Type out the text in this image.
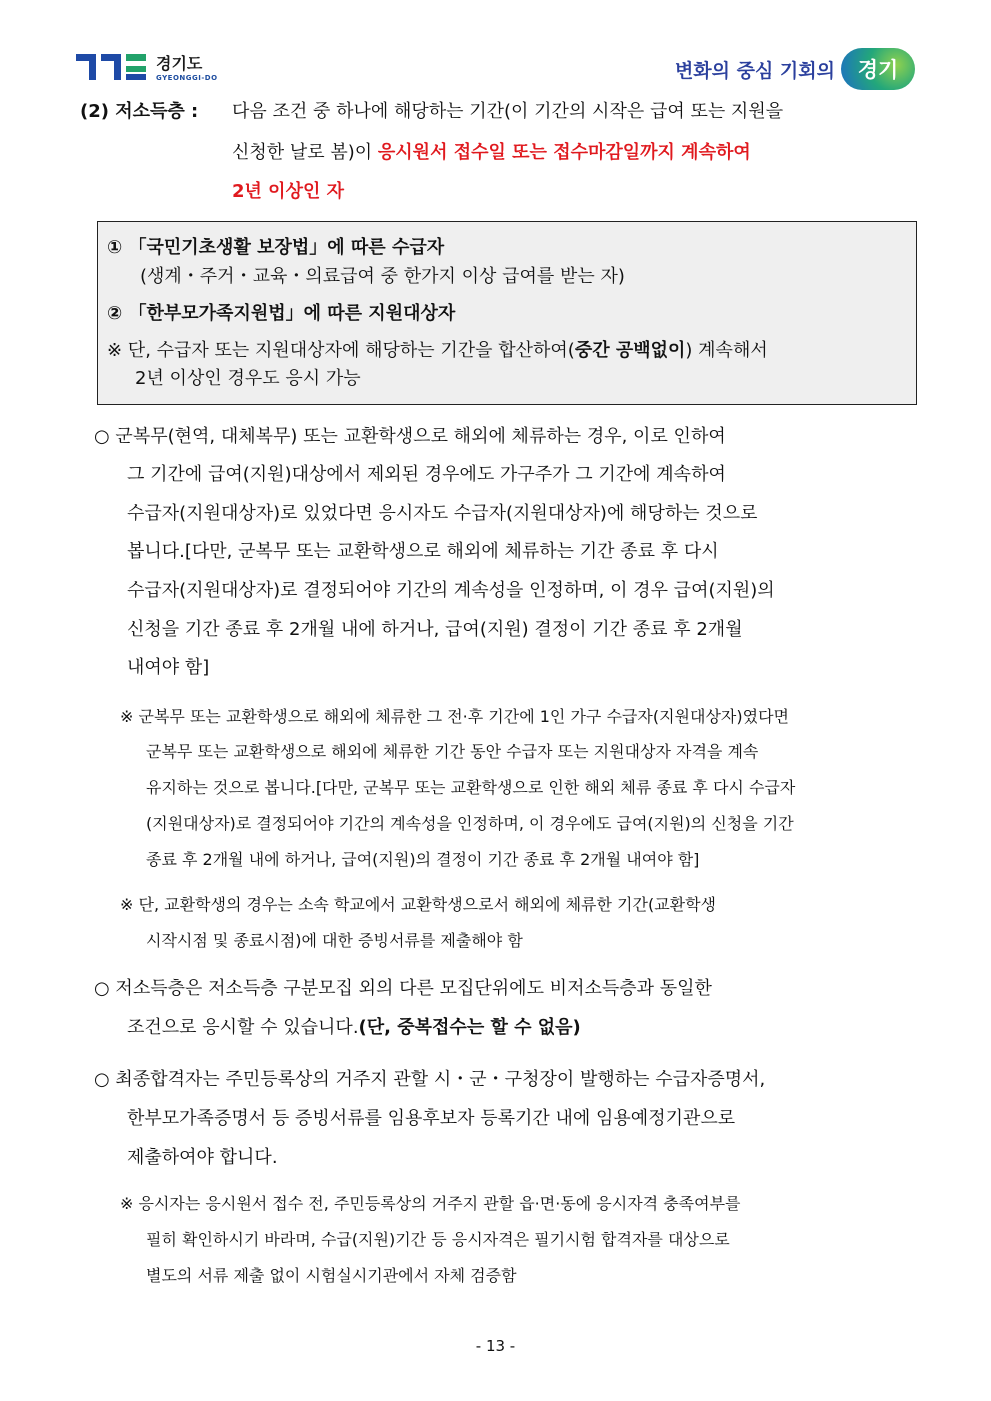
경기도
GYEONGGI-DO	변화의 중심 기회의	경기
(2) 저소득층 : 다음 조건 중 하나에 해당하는 기간(이 기간의 시작은 급여 또는 지원을
신청한 날로 봄)이 응시원서 접수일 또는 접수마감일까지 계속하여
2년 이상인 자
① 「국민기초생활 보장법」에 따른 수급자
(생계・주거・교육・의료급여 중 한가지 이상 급여를 받는 자)
② 「한부모가족지원법」에 따른 지원대상자
※ 단, 수급자 또는 지원대상자에 해당하는 기간을 합산하여(중간 공백없이) 계속해서
2년 이상인 경우도 응시 가능
○ 군복무(현역, 대체복무) 또는 교환학생으로 해외에 체류하는 경우, 이로 인하여
그 기간에 급여(지원)대상에서 제외된 경우에도 가구주가 그 기간에 계속하여
수급자(지원대상자)로 있었다면 응시자도 수급자(지원대상자)에 해당하는 것으로
봅니다.[다만, 군복무 또는 교환학생으로 해외에 체류하는 기간 종료 후 다시
수급자(지원대상자)로 결정되어야 기간의 계속성을 인정하며, 이 경우 급여(지원)의
신청을 기간 종료 후 2개월 내에 하거나, 급여(지원) 결정이 기간 종료 후 2개월
내여야 함]
※ 군복무 또는 교환학생으로 해외에 체류한 그 전·후 기간에 1인 가구 수급자(지원대상자)였다면
군복무 또는 교환학생으로 해외에 체류한 기간 동안 수급자 또는 지원대상자 자격을 계속
유지하는 것으로 봅니다.[다만, 군복무 또는 교환학생으로 인한 해외 체류 종료 후 다시 수급자
(지원대상자)로 결정되어야 기간의 계속성을 인정하며, 이 경우에도 급여(지원)의 신청을 기간
종료 후 2개월 내에 하거나, 급여(지원)의 결정이 기간 종료 후 2개월 내여야 함]
※ 단, 교환학생의 경우는 소속 학교에서 교환학생으로서 해외에 체류한 기간(교환학생
시작시점 및 종료시점)에 대한 증빙서류를 제출해야 함
○ 저소득층은 저소득층 구분모집 외의 다른 모집단위에도 비저소득층과 동일한
조건으로 응시할 수 있습니다.(단, 중복접수는 할 수 없음)
○ 최종합격자는 주민등록상의 거주지 관할 시・군・구청장이 발행하는 수급자증명서,
한부모가족증명서 등 증빙서류를 임용후보자 등록기간 내에 임용예정기관으로
제출하여야 합니다.
※ 응시자는 응시원서 접수 전, 주민등록상의 거주지 관할 읍·면·동에 응시자격 충족여부를
필히 확인하시기 바라며, 수급(지원)기간 등 응시자격은 필기시험 합격자를 대상으로
별도의 서류 제출 없이 시험실시기관에서 자체 검증함
- 13 -
